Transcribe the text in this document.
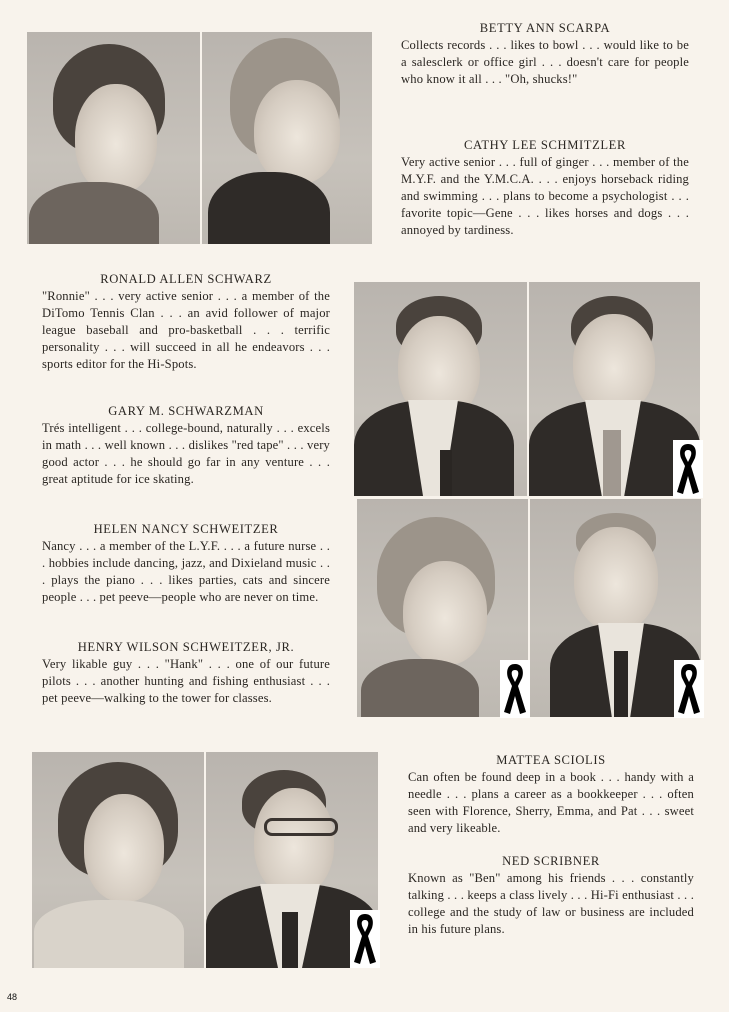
BETTY ANN SCARPA

Collects records . . . likes to bowl . . . would like to be a salesclerk or office girl . . . doesn't care for people who know it all . . . "Oh, shucks!"

CATHY LEE SCHMITZLER

Very active senior . . . full of ginger . . . member of the M.Y.F. and the Y.M.C.A. . . . enjoys horseback riding and swimming . . . plans to become a psychologist . . . favorite topic—Gene . . . likes horses and dogs . . . annoyed by tardiness.

RONALD ALLEN SCHWARZ

"Ronnie" . . . very active senior . . . a member of the DiTomo Tennis Clan . . . an avid follower of major league baseball and pro-basketball . . . terrific personality . . . will succeed in all he endeavors . . . sports editor for the Hi-Spots.

GARY M. SCHWARZMAN

Trés intelligent . . . college-bound, naturally . . . excels in math . . . well known . . . dislikes "red tape" . . . very good actor . . . he should go far in any venture . . . great aptitude for ice skating.

HELEN NANCY SCHWEITZER

Nancy . . . a member of the L.Y.F. . . . a future nurse . . . hobbies include dancing, jazz, and Dixieland music . . . plays the piano . . . likes parties, cats and sincere people . . . pet peeve—people who are never on time.

HENRY WILSON SCHWEITZER, JR.

Very likable guy . . . "Hank" . . . one of our future pilots . . . another hunting and fishing enthusiast . . . pet peeve—walking to the tower for classes.

MATTEA SCIOLIS

Can often be found deep in a book . . . handy with a needle . . . plans a career as a bookkeeper . . . often seen with Florence, Sherry, Emma, and Pat . . . sweet and very likeable.

NED SCRIBNER

Known as "Ben" among his friends . . . constantly talking . . . keeps a class lively . . . Hi-Fi enthusiast . . . college and the study of law or business are included in his future plans.

48
